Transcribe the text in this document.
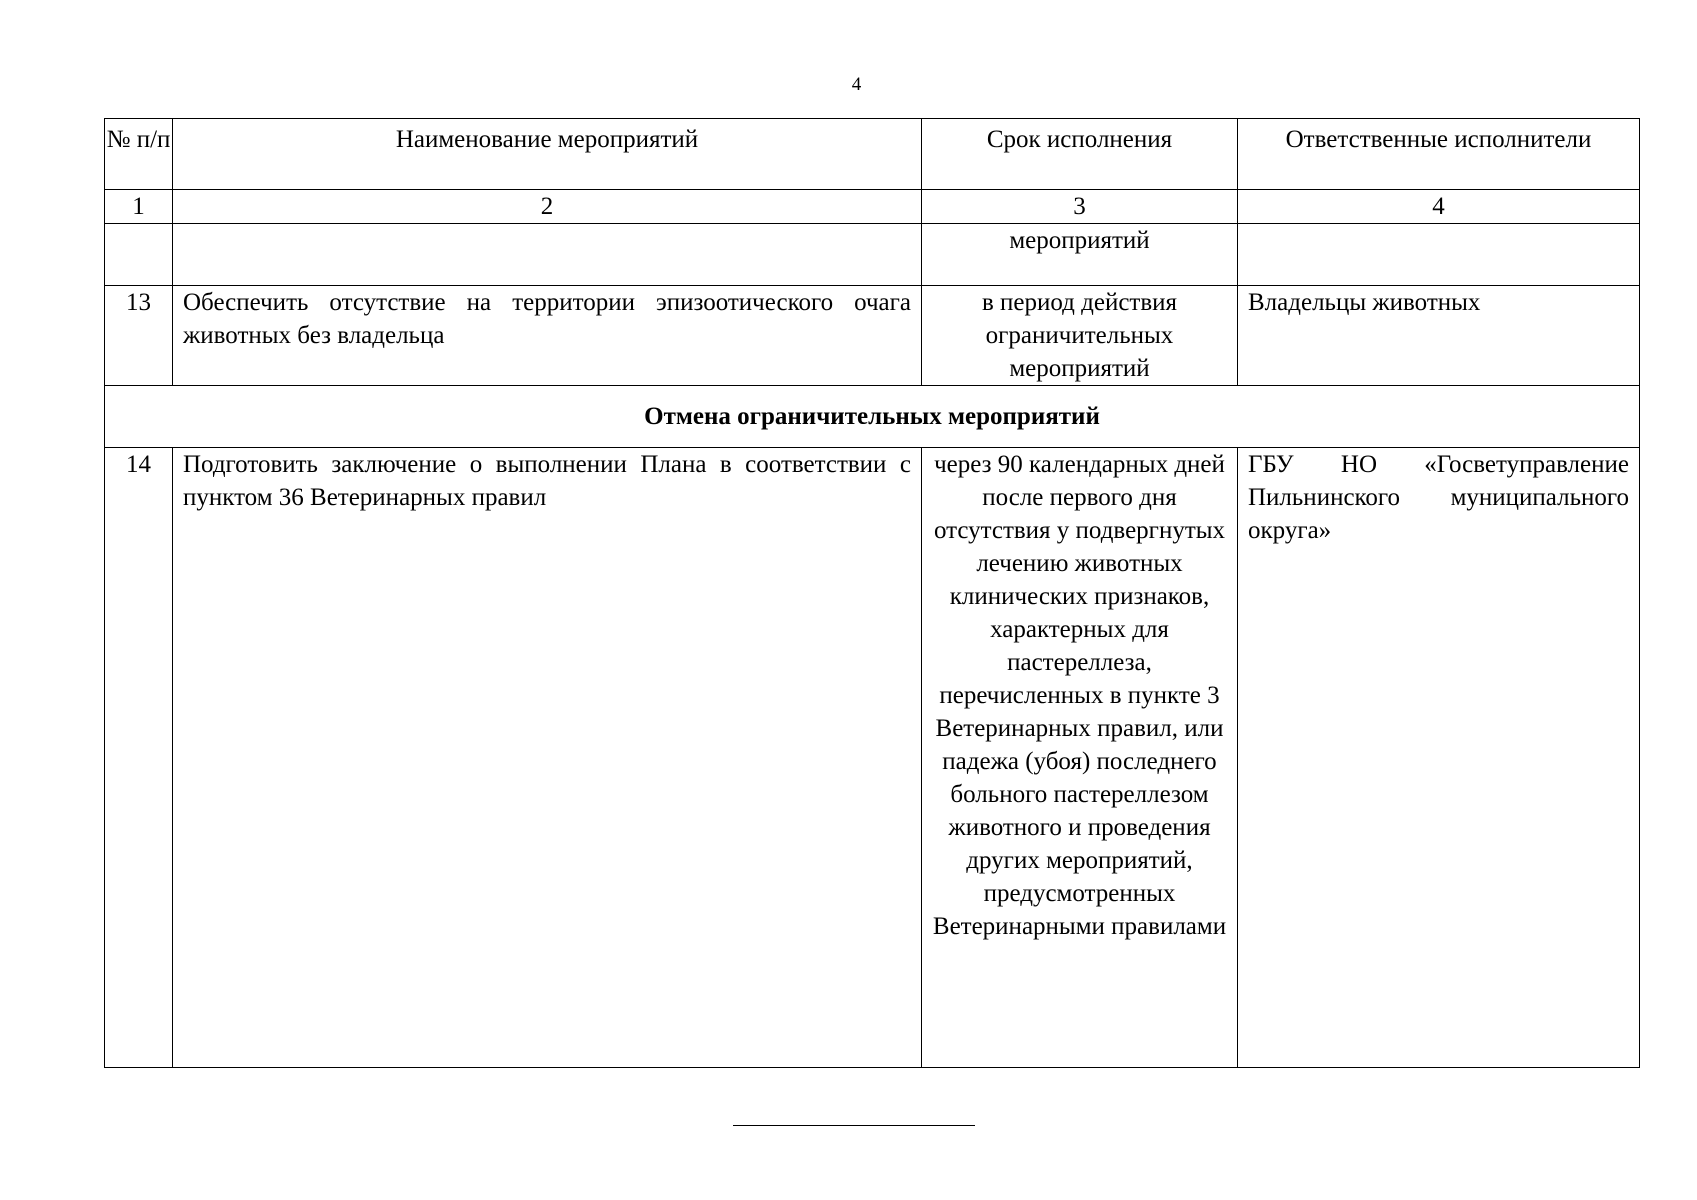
4
№ п/п	Наименование мероприятий	Срок исполнения	Ответственные исполнители
1	2	3	4
		мероприятий	
13	Обеспечить отсутствие на территории эпизоотического очага животных без владельца	в период действия ограничительных мероприятий	Владельцы животных
Отмена ограничительных мероприятий			
14	Подготовить заключение о выполнении Плана в соответствии с пунктом 36 Ветеринарных правил	через 90 календарных дней после первого дня отсутствия у подвергнутых лечению животных клинических признаков, характерных для пастереллеза, перечисленных в пункте 3 Ветеринарных правил, или падежа (убоя) последнего больного пастереллезом животного и проведения других мероприятий, предусмотренных Ветеринарными правилами	ГБУ НО «Госветуправление Пильнинского муниципального округа»
